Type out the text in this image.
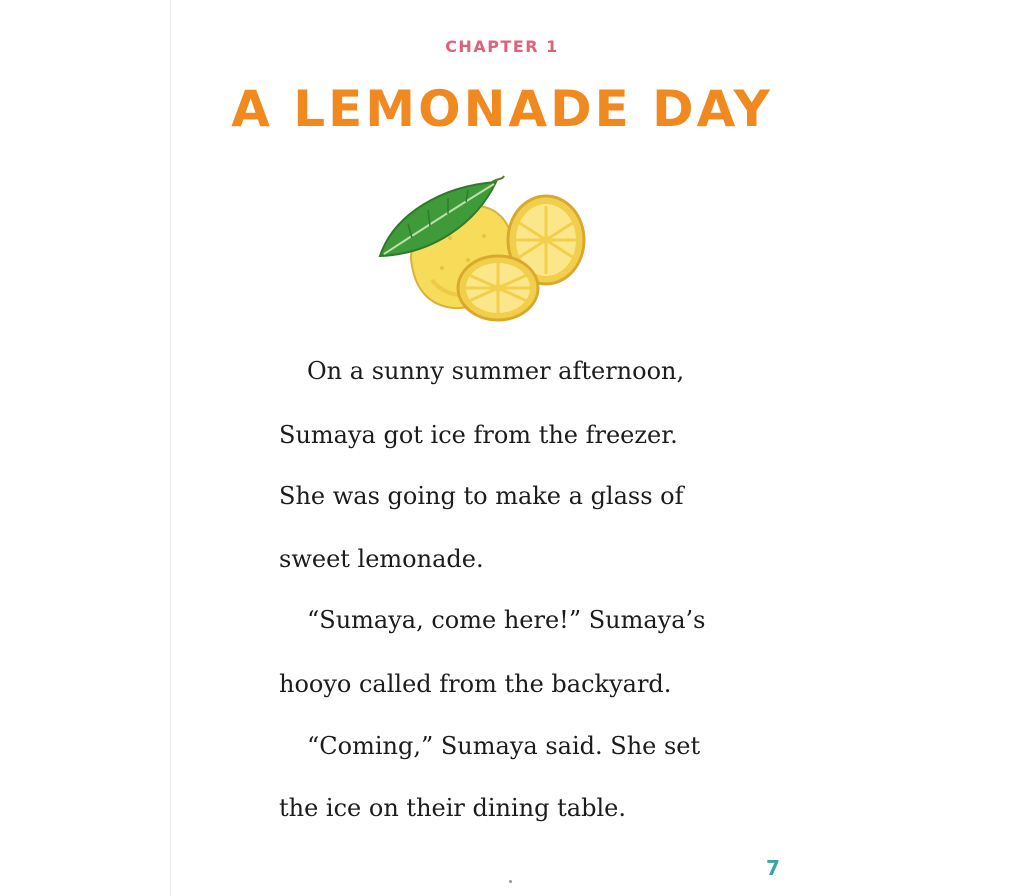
CHAPTER 1
A LEMONADE DAY

On a sunny summer afternoon,

Sumaya got ice from the freezer.

She was going to make a glass of

sweet lemonade.

“Sumaya, come here!” Sumaya’s

hooyo called from the backyard.

“Coming,” Sumaya said. She set

the ice on their dining table.

7
